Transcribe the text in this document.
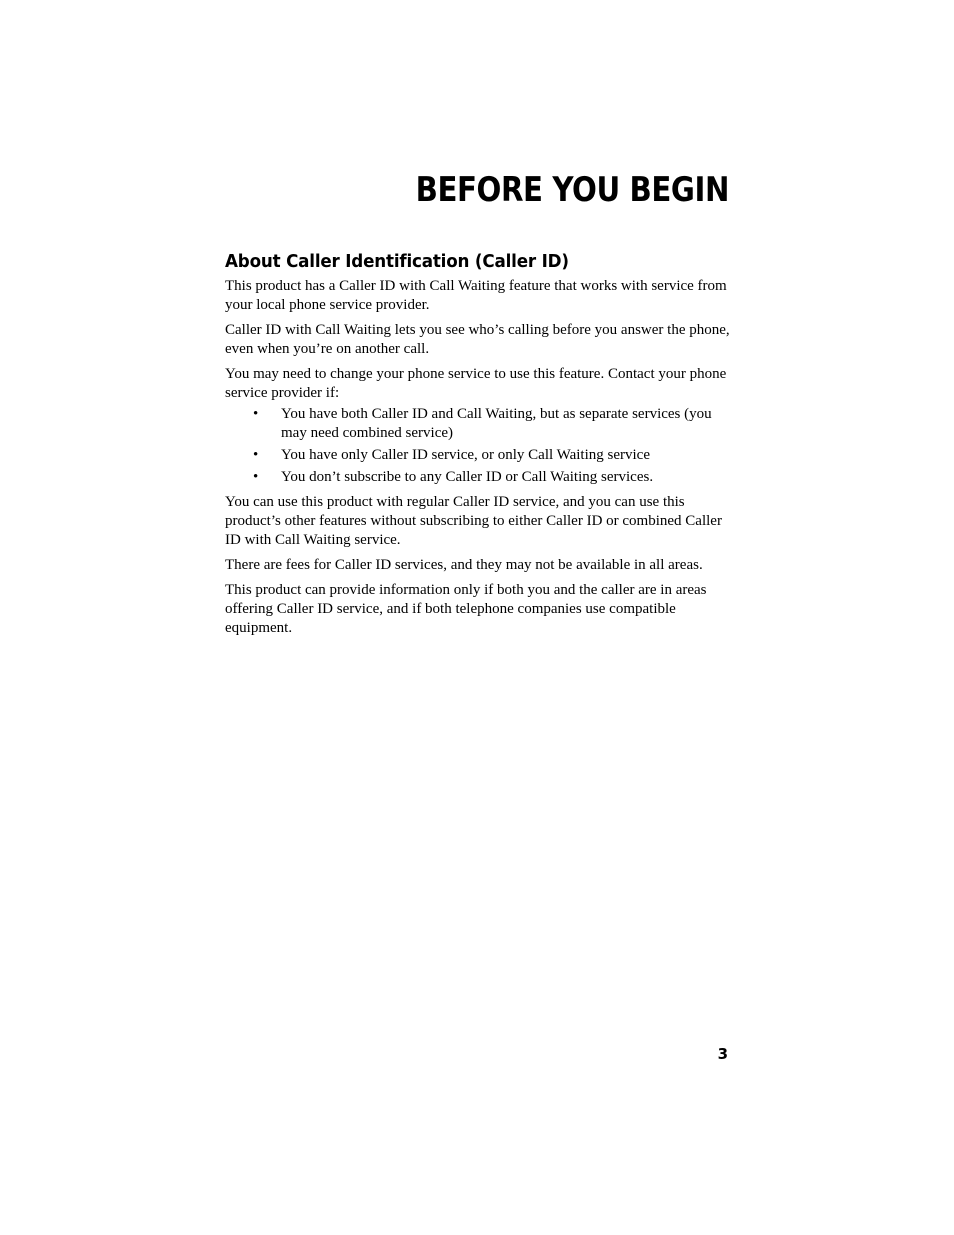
BEFORE YOU BEGIN
About Caller Identification (Caller ID)

This product has a Caller ID with Call Waiting feature that works with service from your local phone service provider.

Caller ID with Call Waiting lets you see who’s calling before you answer the phone, even when you’re on another call.

You may need to change your phone service to use this feature. Contact your phone service provider if:

• You have both Caller ID and Call Waiting, but as separate services (you may need combined service)
• You have only Caller ID service, or only Call Waiting service
• You don’t subscribe to any Caller ID or Call Waiting services.

You can use this product with regular Caller ID service, and you can use this product’s other features without subscribing to either Caller ID or combined Caller ID with Call Waiting service.

There are fees for Caller ID services, and they may not be available in all areas.

This product can provide information only if both you and the caller are in areas offering Caller ID service, and if both telephone companies use compatible equipment.

3
